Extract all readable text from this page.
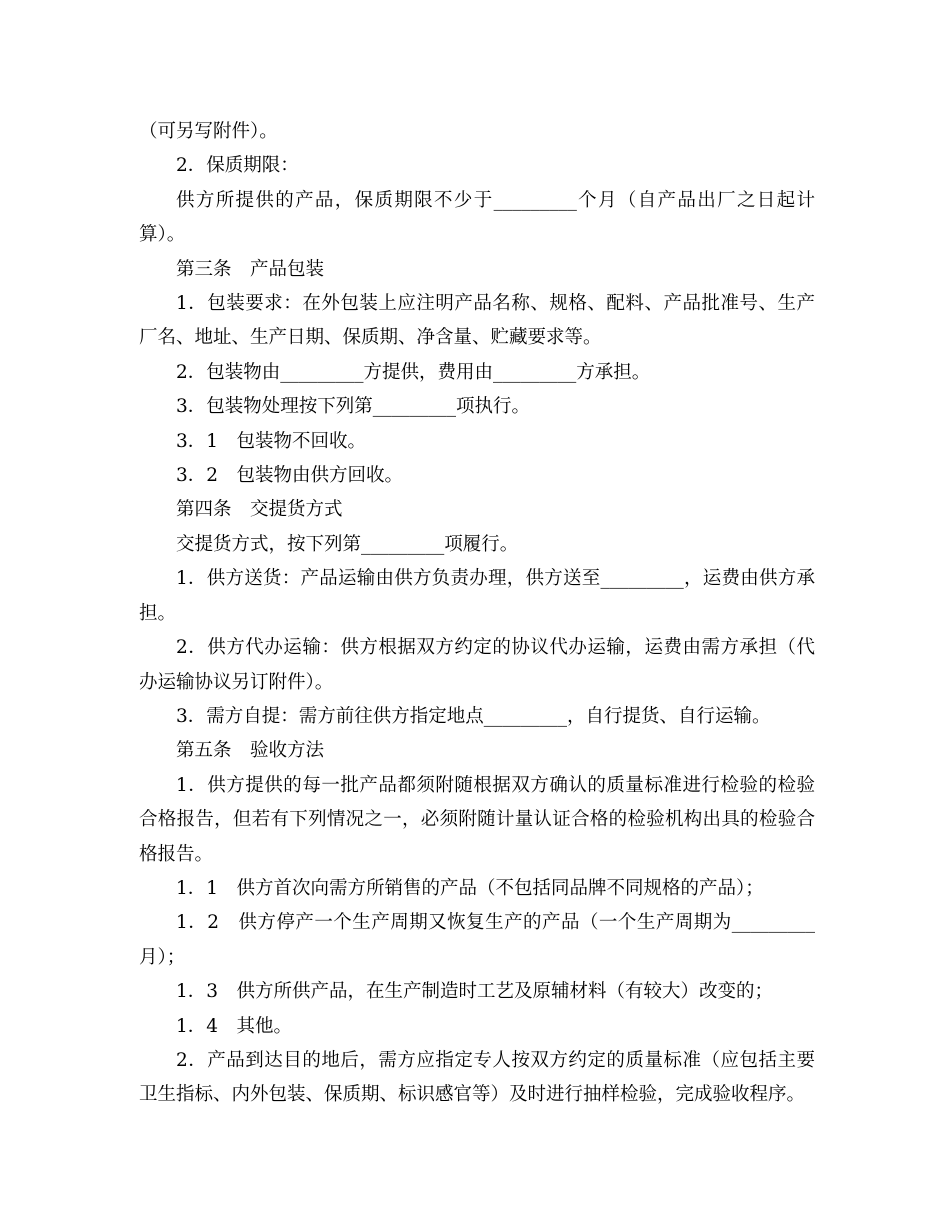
（可另写附件）。

2．保质期限：

供方所提供的产品，保质期限不少于_________个月（自产品出厂之日起计算）。

第三条　产品包装

1．包装要求：在外包装上应注明产品名称、规格、配料、产品批准号、生产厂名、地址、生产日期、保质期、净含量、贮藏要求等。

2．包装物由_________方提供，费用由_________方承担。

3．包装物处理按下列第_________项执行。

3．1　包装物不回收。

3．2　包装物由供方回收。

第四条　交提货方式

交提货方式，按下列第_________项履行。

1．供方送货：产品运输由供方负责办理，供方送至_________，运费由供方承担。

2．供方代办运输：供方根据双方约定的协议代办运输，运费由需方承担（代办运输协议另订附件）。

3．需方自提：需方前往供方指定地点_________，自行提货、自行运输。

第五条　验收方法

1．供方提供的每一批产品都须附随根据双方确认的质量标准进行检验的检验合格报告，但若有下列情况之一，必须附随计量认证合格的检验机构出具的检验合格报告。

1．1　供方首次向需方所销售的产品（不包括同品牌不同规格的产品）；

1．2　供方停产一个生产周期又恢复生产的产品（一个生产周期为_________月）；

1．3　供方所供产品，在生产制造时工艺及原辅材料（有较大）改变的；

1．4　其他。

2．产品到达目的地后，需方应指定专人按双方约定的质量标准（应包括主要卫生指标、内外包装、保质期、标识感官等）及时进行抽样检验，完成验收程序。
